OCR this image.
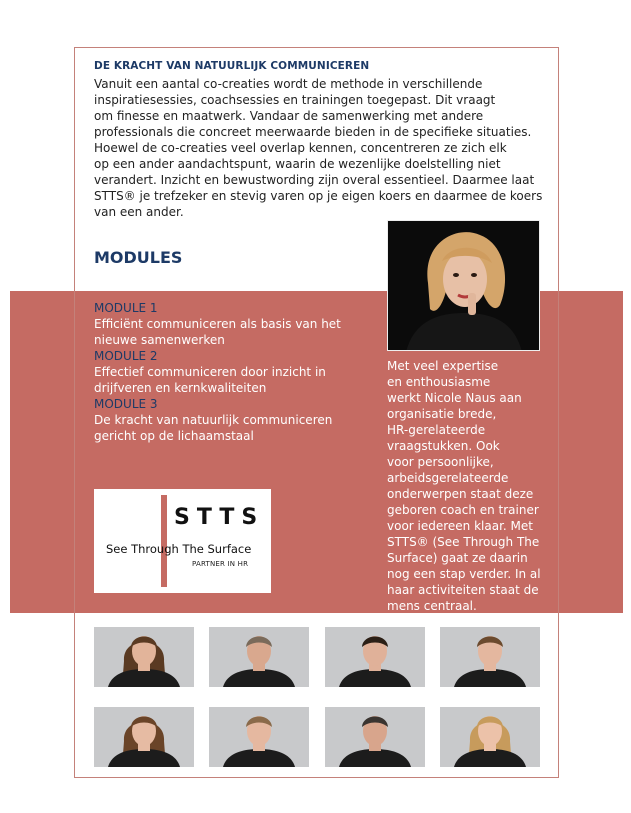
DE KRACHT VAN NATUURLIJK COMMUNICEREN
Vanuit een aantal co-creaties wordt de methode in verschillende
inspiratiesessies, coachsessies en trainingen toegepast. Dit vraagt
om finesse en maatwerk. Vandaar de samenwerking met andere
professionals die concreet meerwaarde bieden in de specifieke situaties.
Hoewel de co-creaties veel overlap kennen, concentreren ze zich elk
op een ander aandachtspunt, waarin de wezenlijke doelstelling niet
verandert. Inzicht en bewustwording zijn overal essentieel. Daarmee laat
STTS® je trefzeker en stevig varen op je eigen koers en daarmee de koers
van een ander.
MODULES
MODULE 1
Efficiënt communiceren als basis van het
nieuwe samenwerken
MODULE 2
Effectief communiceren door inzicht in
drijfveren en kernkwaliteiten
MODULE 3
De kracht van natuurlijk communiceren
gericht op de lichaamstaal
Met veel expertise
en enthousiasme
werkt Nicole Naus aan
organisatie brede,
HR-gerelateerde
vraagstukken. Ook
voor persoonlijke,
arbeidsgerelateerde
onderwerpen staat deze
geboren coach en trainer
voor iedereen klaar. Met
STTS® (See Through The
Surface) gaat ze daarin
nog een stap verder. In al
haar activiteiten staat de
mens centraal.
STTS
See Through The Surface
PARTNER IN HR
